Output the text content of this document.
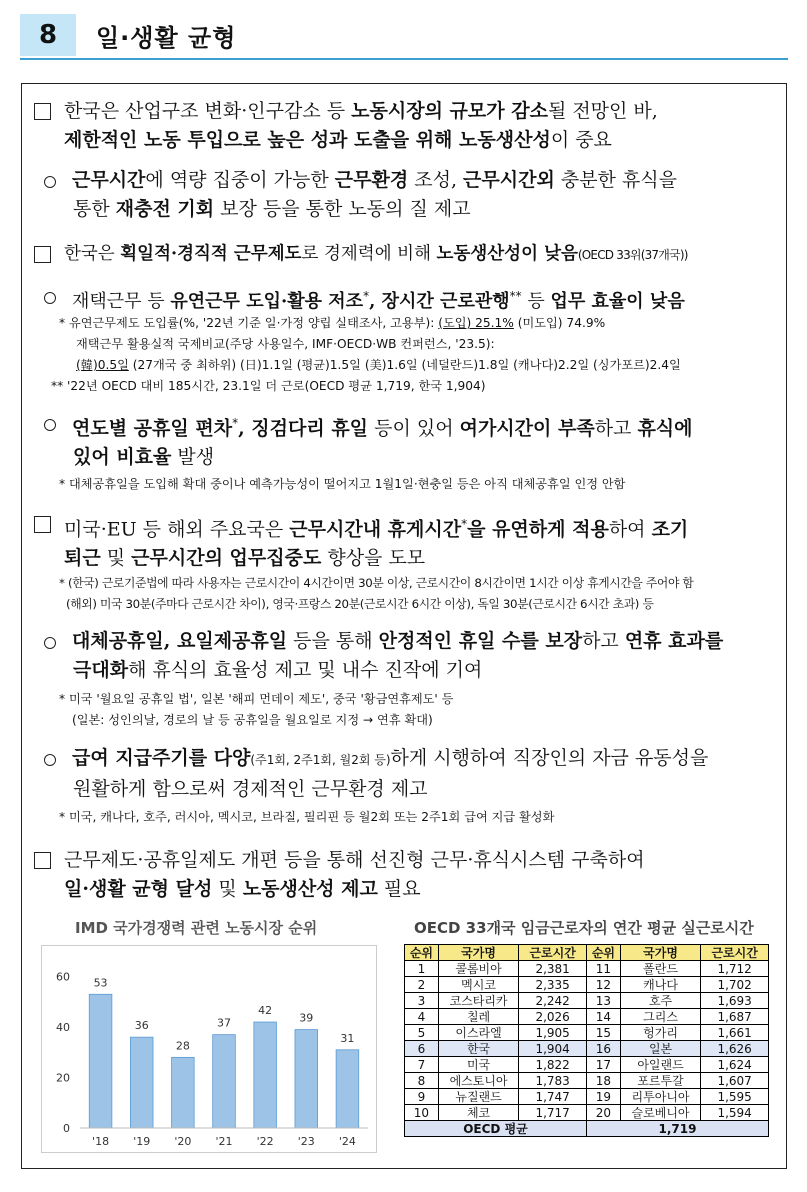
8	일·생활 균형
한국은 산업구조 변화·인구감소 등 노동시장의 규모가 감소될 전망인 바,
제한적인 노동 투입으로 높은 성과 도출을 위해 노동생산성이 중요
근무시간에 역량 집중이 가능한 근무환경 조성, 근무시간외 충분한 휴식을
통한 재충전 기회 보장 등을 통한 노동의 질 제고
한국은 획일적·경직적 근무제도로 경제력에 비해 노동생산성이 낮음(OECD 33위(37개국))
재택근무 등 유연근무 도입·활용 저조*, 장시간 근로관행** 등 업무 효율이 낮음
* 유연근무제도 도입률(%, '22년 기준 일·가정 양립 실태조사, 고용부): (도입) 25.1% (미도입) 74.9%
재택근무 활용실적 국제비교(주당 사용일수, IMF·OECD·WB 컨퍼런스, '23.5):
(韓)0.5일 (27개국 중 최하위) (日)1.1일 (평균)1.5일 (美)1.6일 (네덜란드)1.8일 (캐나다)2.2일 (싱가포르)2.4일
** '22년 OECD 대비 185시간, 23.1일 더 근로(OECD 평균 1,719, 한국 1,904)
연도별 공휴일 편차*, 징검다리 휴일 등이 있어 여가시간이 부족하고 휴식에
있어 비효율 발생
* 대체공휴일을 도입해 확대 중이나 예측가능성이 떨어지고 1월1일·현충일 등은 아직 대체공휴일 인정 안함
미국·EU 등 해외 주요국은 근무시간내 휴게시간*을 유연하게 적용하여 조기
퇴근 및 근무시간의 업무집중도 향상을 도모
* (한국) 근로기준법에 따라 사용자는 근로시간이 4시간이면 30분 이상, 근로시간이 8시간이면 1시간 이상 휴게시간을 주어야 함
(해외) 미국 30분(주마다 근로시간 차이), 영국·프랑스 20분(근로시간 6시간 이상), 독일 30분(근로시간 6시간 초과) 등
대체공휴일, 요일제공휴일 등을 통해 안정적인 휴일 수를 보장하고 연휴 효과를
극대화해 휴식의 효율성 제고 및 내수 진작에 기여
* 미국 '월요일 공휴일 법', 일본 '해피 먼데이 제도', 중국 '황금연휴제도' 등
(일본: 성인의날, 경로의 날 등 공휴일을 월요일로 지정 → 연휴 확대)
급여 지급주기를 다양(주1회, 2주1회, 월2회 등)하게 시행하여 직장인의 자금 유동성을
원활하게 함으로써 경제적인 근무환경 제고
* 미국, 캐나다, 호주, 러시아, 멕시코, 브라질, 필리핀 등 월2회 또는 2주1회 급여 지급 활성화
근무제도·공휴일제도 개편 등을 통해 선진형 근무·휴식시스템 구축하여
일·생활 균형 달성 및 노동생산성 제고 필요
IMD 국가경쟁력 관련 노동시장 순위
0
20
40
60 53
'18
36
'19
28
'20
37
'21
42
'22
39
'23
31
'24
OECD 33개국 임금근로자의 연간 평균 실근로시간
순위	국가명	근로시간	순위	국가명	근로시간
1	콜롬비아	2,381	11	폴란드	1,712
2	멕시코	2,335	12	캐나다	1,702
3	코스타리카	2,242	13	호주	1,693
4	칠레	2,026	14	그리스	1,687
5	이스라엘	1,905	15	헝가리	1,661
6	한국	1,904	16	일본	1,626
7	미국	1,822	17	아일랜드	1,624
8	에스토니아	1,783	18	포르투갈	1,607
9	뉴질랜드	1,747	19	리투아니아	1,595
10	체코	1,717	20	슬로베니아	1,594
OECD 평균			1,719		
